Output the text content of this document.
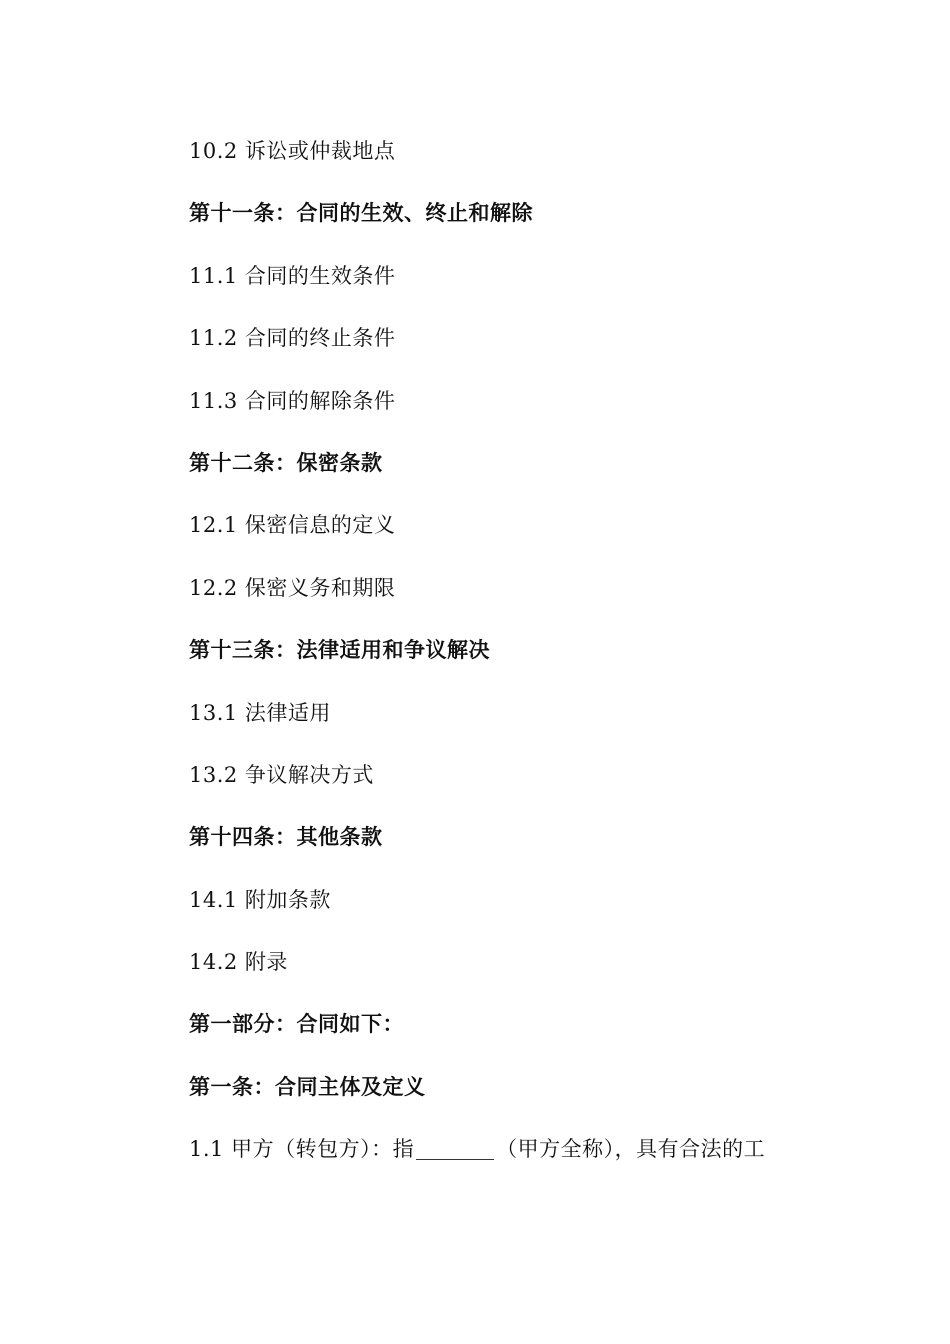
10.2 诉讼或仲裁地点
第十一条：合同的生效、终止和解除
11.1 合同的生效条件
11.2 合同的终止条件
11.3 合同的解除条件
第十二条：保密条款
12.1 保密信息的定义
12.2 保密义务和期限
第十三条：法律适用和争议解决
13.1 法律适用
13.2 争议解决方式
第十四条：其他条款
14.1 附加条款
14.2 附录
第一部分：合同如下：
第一条：合同主体及定义
1.1 甲方（转包方）：指	（甲方全称），具有合法的工
